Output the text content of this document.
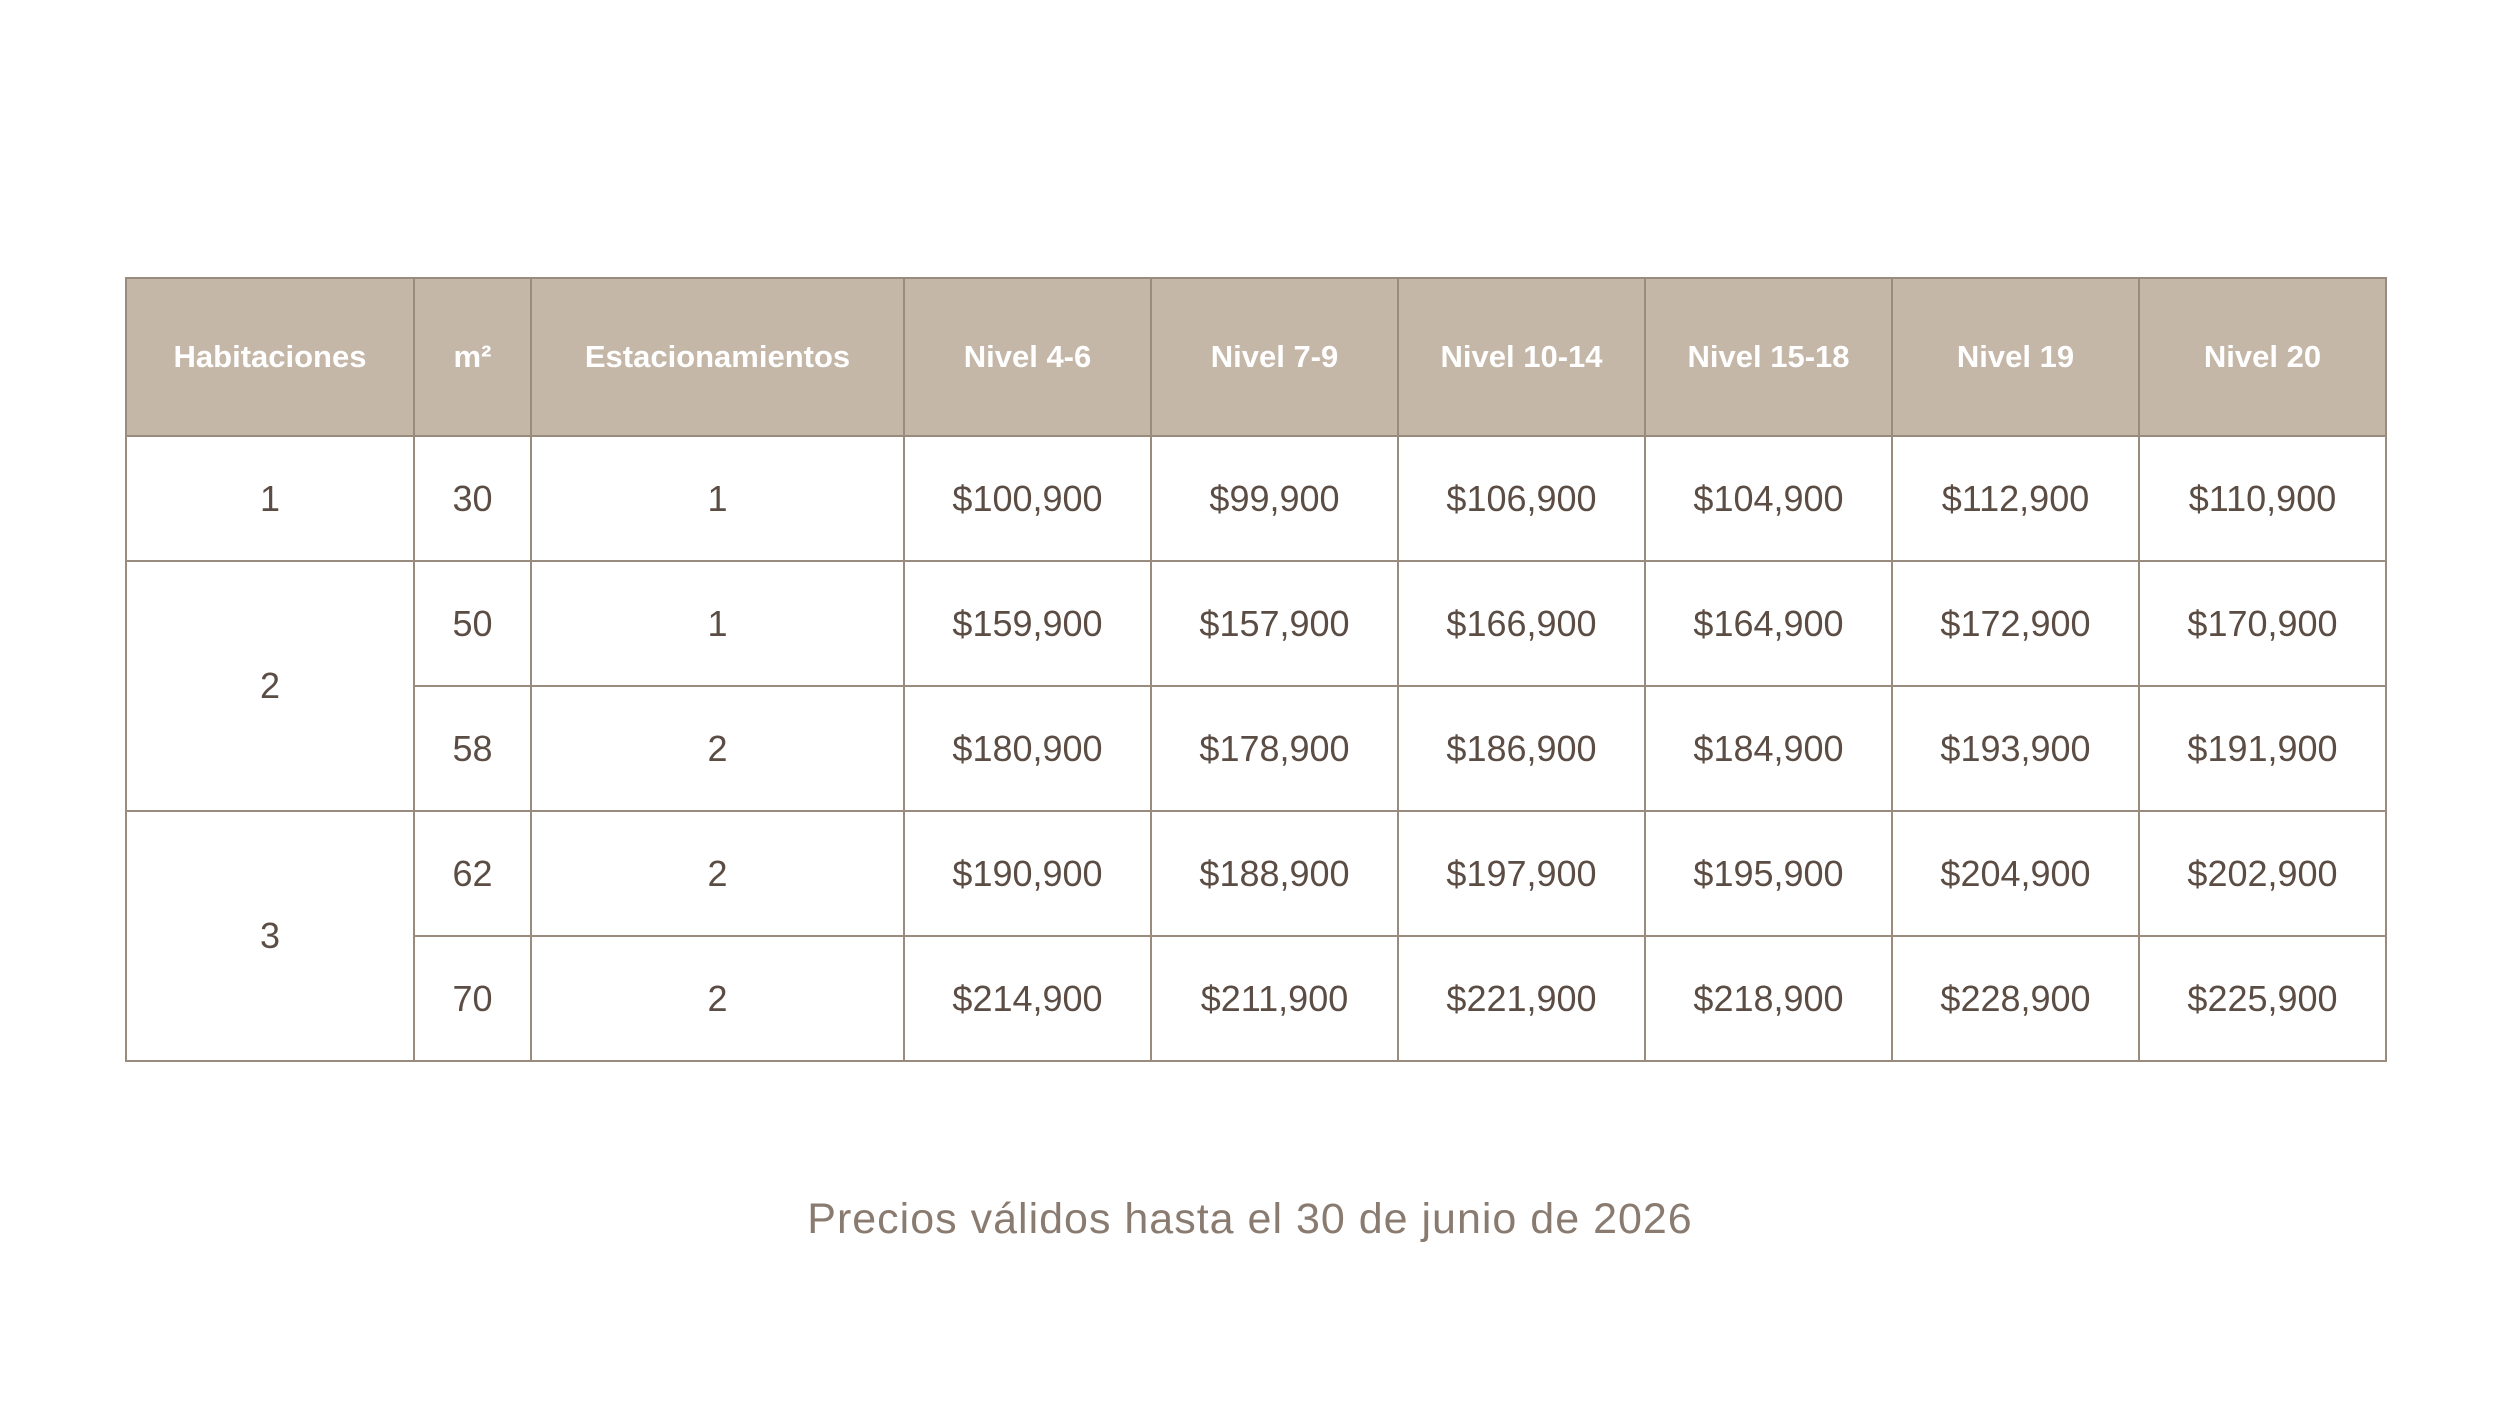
Habitaciones	m²	Estacionamientos	Nivel 4-6	Nivel 7-9	Nivel 10-14	Nivel 15-18	Nivel 19	Nivel 20
1	30	1	$100,900	$99,900	$106,900	$104,900	$112,900	$110,900
2	50	1	$159,900	$157,900	$166,900	$164,900	$172,900	$170,900
	58	2	$180,900	$178,900	$186,900	$184,900	$193,900	$191,900
3	62	2	$190,900	$188,900	$197,900	$195,900	$204,900	$202,900
	70	2	$214,900	$211,900	$221,900	$218,900	$228,900	$225,900
Precios válidos hasta el 30 de junio de 2026
